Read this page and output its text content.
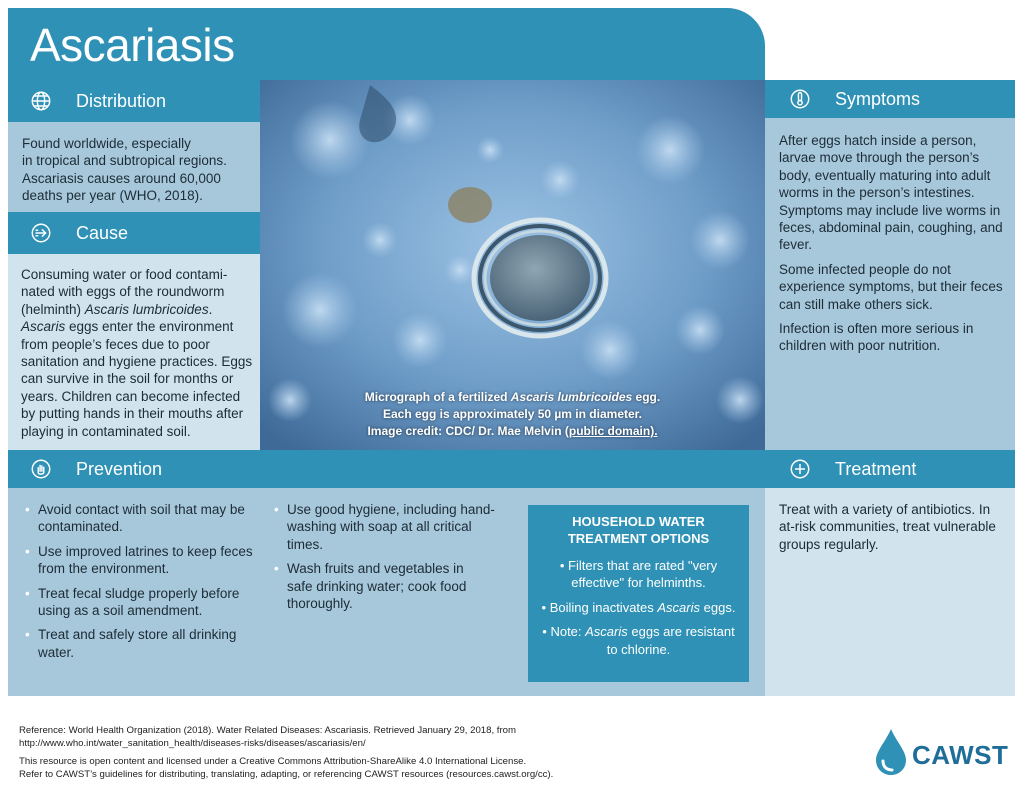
Ascariasis
Distribution
Found worldwide, especially
in tropical and subtropical regions.
Ascariasis causes around 60,000
deaths per year (WHO, 2018).
Cause
Consuming water or food contami-
nated with eggs of the roundworm
(helminth) Ascaris lumbricoides.
Ascaris eggs enter the environment
from people’s feces due to poor
sanitation and hygiene practices. Eggs
can survive in the soil for months or
years. Children can become infected
by putting hands in their mouths after
playing in contaminated soil.
Micrograph of a fertilized Ascaris lumbricoides egg.
Each egg is approximately 50 µm in diameter.
Image credit: CDC/ Dr. Mae Melvin (public domain).
Symptoms

After eggs hatch inside a person,
larvae move through the person’s
body, eventually maturing into adult
worms in the person’s intestines.
Symptoms may include live worms in
feces, abdominal pain, coughing, and
fever.

Some infected people do not
experience symptoms, but their feces
can still make others sick.

Infection is often more serious in
children with poor nutrition.

Prevention
• Avoid contact with soil that may be
contaminated.
• Use improved latrines to keep feces
from the environment.
• Treat fecal sludge properly before
using as a soil amendment.
• Treat and safely store all drinking
water.
• Use good hygiene, including hand-
washing with soap at all critical
times.
• Wash fruits and vegetables in
safe drinking water; cook food
thoroughly.
HOUSEHOLD WATER
TREATMENT OPTIONS
• Filters that are rated "very
effective" for helminths.
• Boiling inactivates Ascaris eggs.
• Note: Ascaris eggs are resistant
to chlorine.
Treatment
Treat with a variety of antibiotics. In
at-risk communities, treat vulnerable
groups regularly.

Reference: World Health Organization (2018). Water Related Diseases: Ascariasis. Retrieved January 29, 2018, from
http://www.who.int/water_sanitation_health/diseases-risks/diseases/ascariasis/en/

This resource is open content and licensed under a Creative Commons Attribution-ShareAlike 4.0 International License.
Refer to CAWST’s guidelines for distributing, translating, adapting, or referencing CAWST resources (resources.cawst.org/cc).

CAWST
